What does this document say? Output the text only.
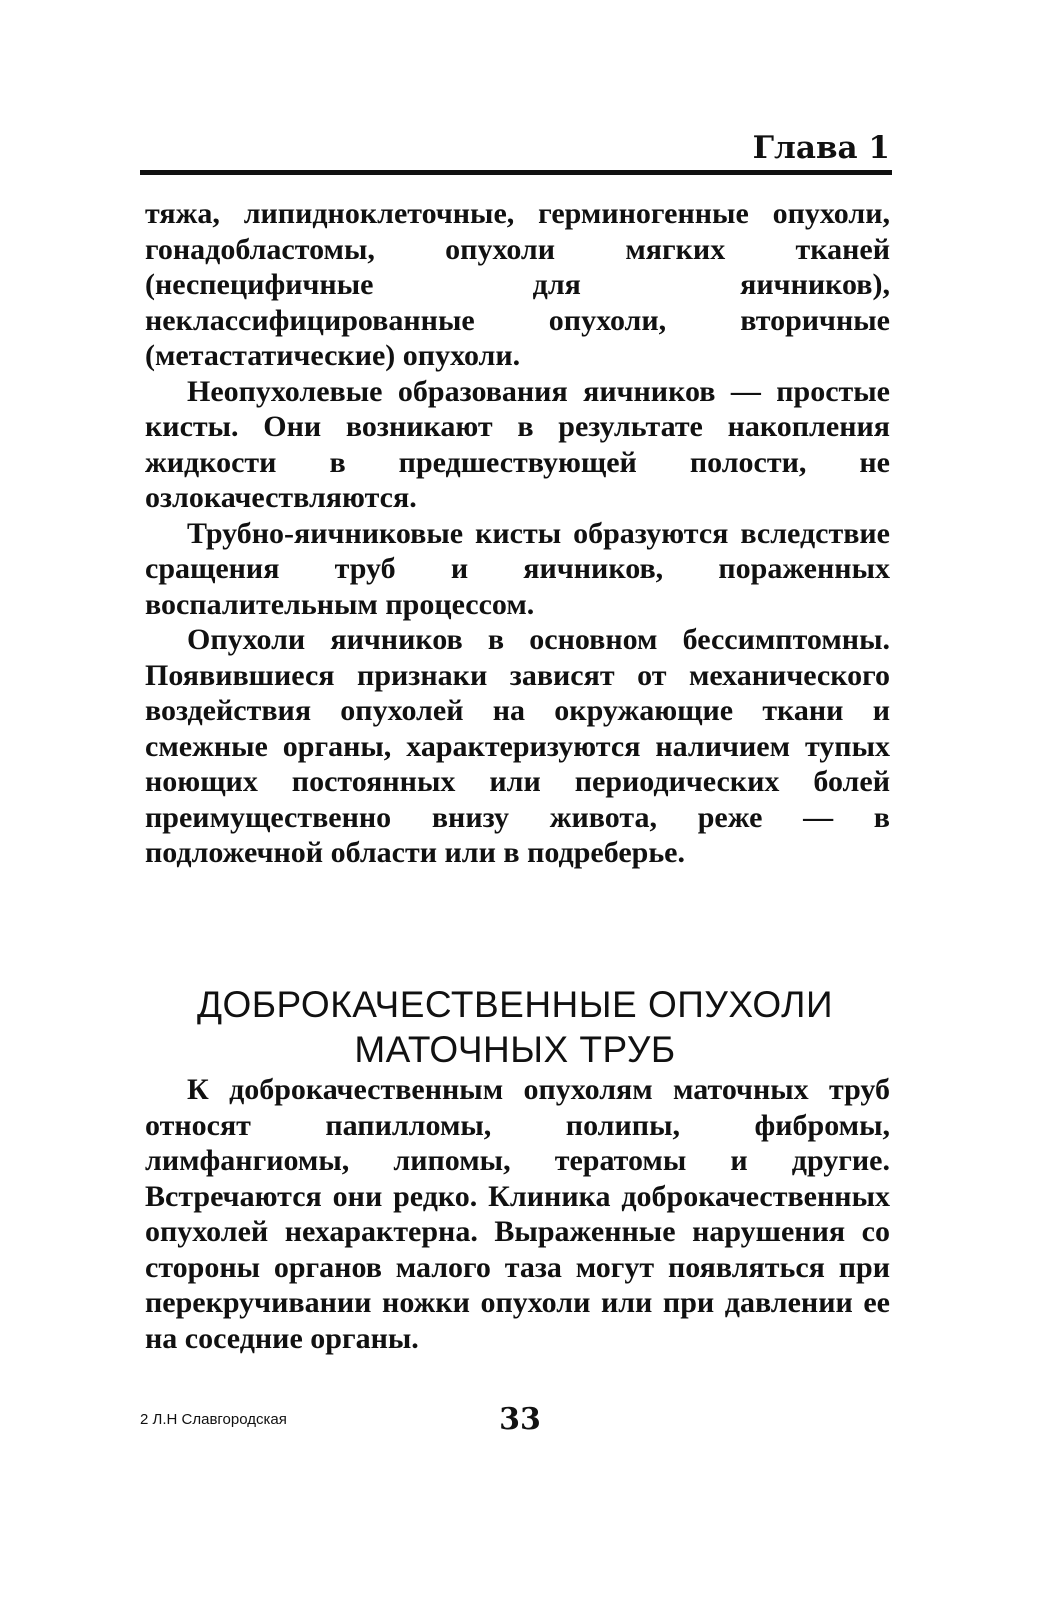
Глава 1

тяжа, липидноклеточные, герминогенные опухоли, гонадобластомы, опухоли мягких тканей (неспецифичные для яичников), неклассифицированные опухоли, вторичные (метастатические) опухоли.

Неопухолевые образования яичников — простые кисты. Они возникают в результате накопления жидкости в предшествующей полости, не озлокачествляются.

Трубно-яичниковые кисты образуются вследствие сращения труб и яичников, пораженных воспалительным процессом.

Опухоли яичников в основном бессимптомны. Появившиеся признаки зависят от механического воздействия опухолей на окружающие ткани и смежные органы, характеризуются наличием тупых ноющих постоянных или периодических болей преимущественно внизу живота, реже — в подложечной области или в подреберье.

ДОБРОКАЧЕСТВЕННЫЕ ОПУХОЛИ
МАТОЧНЫХ ТРУБ

К доброкачественным опухолям маточных труб относят папилломы, полипы, фибромы, лимфангиомы, липомы, тератомы и другие. Встречаются они редко. Клиника доброкачественных опухолей нехарактерна. Выраженные нарушения со стороны органов малого таза могут появляться при перекручивании ножки опухоли или при давлении ее на соседние органы.

2 Л.Н Славгородская	33
